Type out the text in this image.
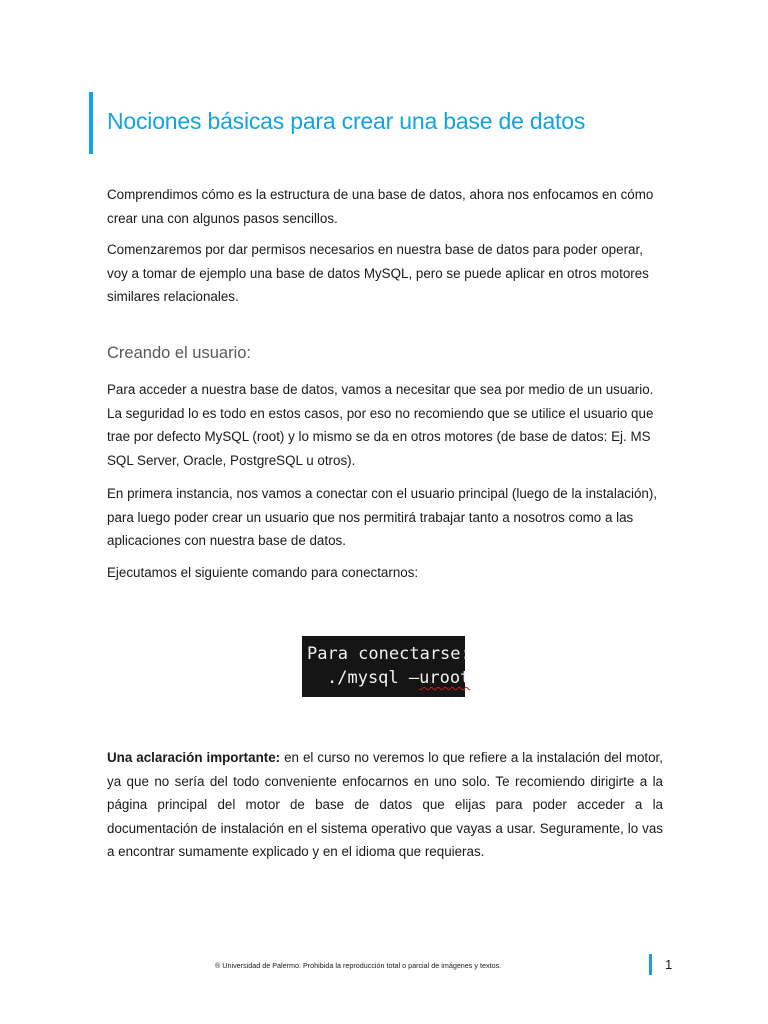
Nociones básicas para crear una base de datos

Comprendimos cómo es la estructura de una base de datos, ahora nos enfocamos en cómo crear una con algunos pasos sencillos.

Comenzaremos por dar permisos necesarios en nuestra base de datos para poder operar, voy a tomar de ejemplo una base de datos MySQL, pero se puede aplicar en otros motores similares relacionales.

Creando el usuario:

Para acceder a nuestra base de datos, vamos a necesitar que sea por medio de un usuario. La seguridad lo es todo en estos casos, por eso no recomiendo que se utilice el usuario que trae por defecto MySQL (root) y lo mismo se da en otros motores (de base de datos: Ej. MS SQL Server, Oracle, PostgreSQL u otros).

En primera instancia, nos vamos a conectar con el usuario principal (luego de la instalación), para luego poder crear un usuario que nos permitirá trabajar tanto a nosotros como a las aplicaciones con nuestra base de datos.

Ejecutamos el siguiente comando para conectarnos:

Para conectarse:
./mysql –uroot

Una aclaración importante: en el curso no veremos lo que refiere a la instalación del motor, ya que no sería del todo conveniente enfocarnos en uno solo. Te recomiendo dirigirte a la página principal del motor de base de datos que elijas para poder acceder a la documentación de instalación en el sistema operativo que vayas a usar. Seguramente, lo vas a encontrar sumamente explicado y en el idioma que requieras.

® Universidad de Palermo. Prohibida la reproducción total o parcial de imágenes y textos.	1
